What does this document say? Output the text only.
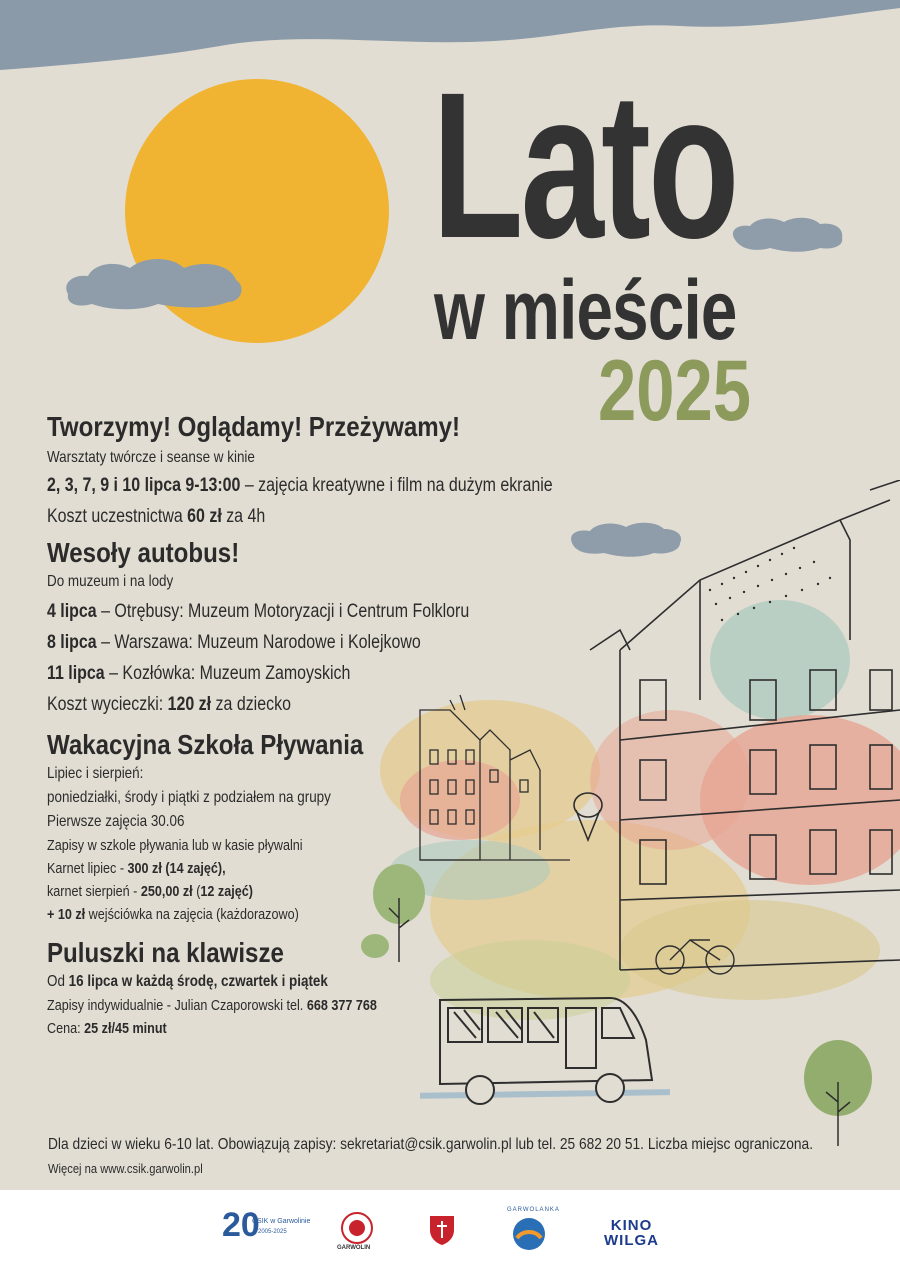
Lato
w mieście
2025
Tworzymy! Oglądamy! Przeżywamy!
Warsztaty twórcze i seanse w kinie
2, 3, 7, 9 i 10 lipca 9-13:00 – zajęcia kreatywne i film na dużym ekranie
Koszt uczestnictwa 60 zł za 4h
Wesoły autobus!
Do muzeum i na lody
4 lipca – Otrębusy: Muzeum Motoryzacji i Centrum Folkloru
8 lipca – Warszawa: Muzeum Narodowe i Kolejkowo
11 lipca – Kozłówka: Muzeum Zamoyskich
Koszt wycieczki: 120 zł za dziecko
Wakacyjna Szkoła Pływania
Lipiec i sierpień:
poniedziałki, środy i piątki z podziałem na grupy
Pierwsze zajęcia 30.06
Zapisy w szkole pływania lub w kasie pływalni
Karnet lipiec - 300 zł (14 zajęć),
karnet sierpień - 250,00 zł (12 zajęć)
+ 10 zł wejściówka na zajęcia (każdorazowo)
Puluszki na klawisze
Od 16 lipca w każdą środę, czwartek i piątek
Zapisy indywidualnie - Julian Czaporowski tel. 668 377 768
Cena: 25 zł/45 minut
Dla dzieci w wieku 6-10 lat. Obowiązują zapisy: sekretariat@csik.garwolin.pl lub tel. 25 682 20 51. Liczba miejsc ograniczona.
Więcej na www.csik.garwolin.pl
20
CSIK w Garwolinie
2005-2025
GARWOLIN
GARWOLANKA
KINO
WILGA
